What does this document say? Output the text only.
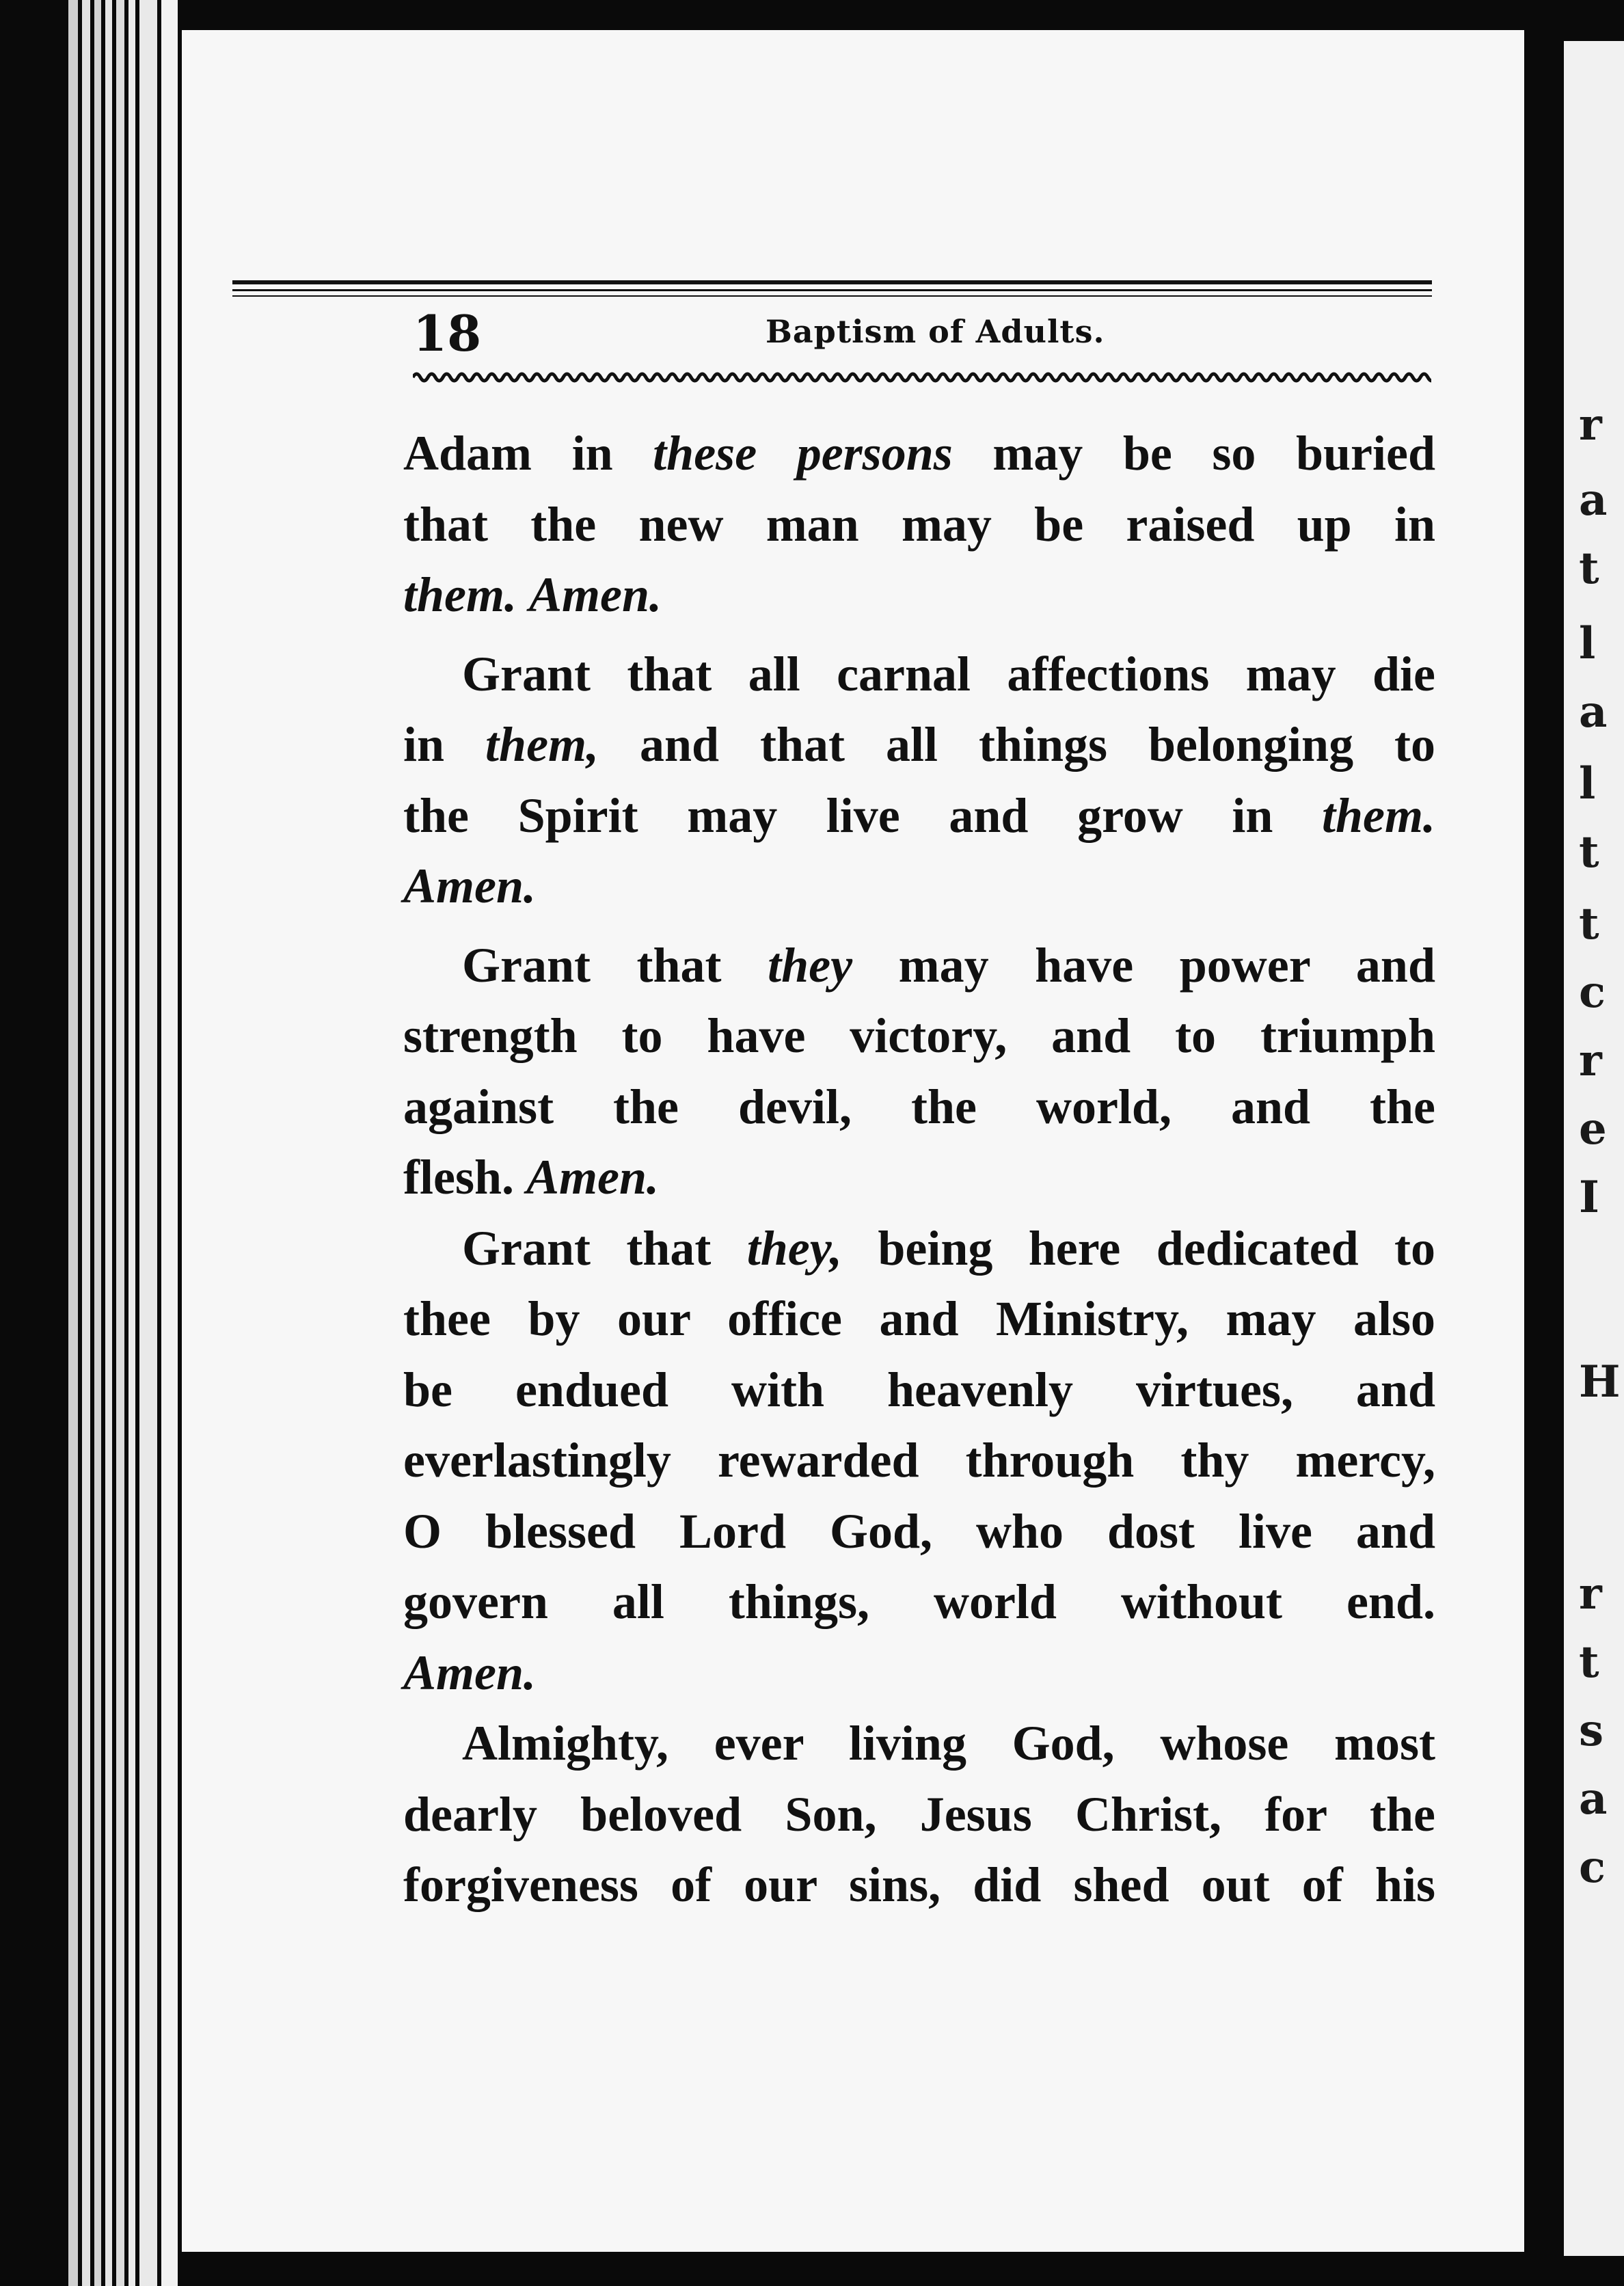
r
a
t
l
a
l
t
t
c
r
e
I
H
r
t
s
a
c
18	Baptism of Adults.
Adam in these persons may be so buried
that the new man may be raised up in
them. Amen.
Grant that all carnal affections may die
in them, and that all things belonging to
the Spirit may live and grow in them.
Amen.
Grant that they may have power and
strength to have victory, and to triumph
against the devil, the world, and the
flesh. Amen.
Grant that they, being here dedicated to
thee by our office and Ministry, may also
be endued with heavenly virtues, and
everlastingly rewarded through thy mercy,
O blessed Lord God, who dost live and
govern all things, world without end.
Amen.
Almighty, ever living God, whose most
dearly beloved Son, Jesus Christ, for the
forgiveness of our sins, did shed out of his
